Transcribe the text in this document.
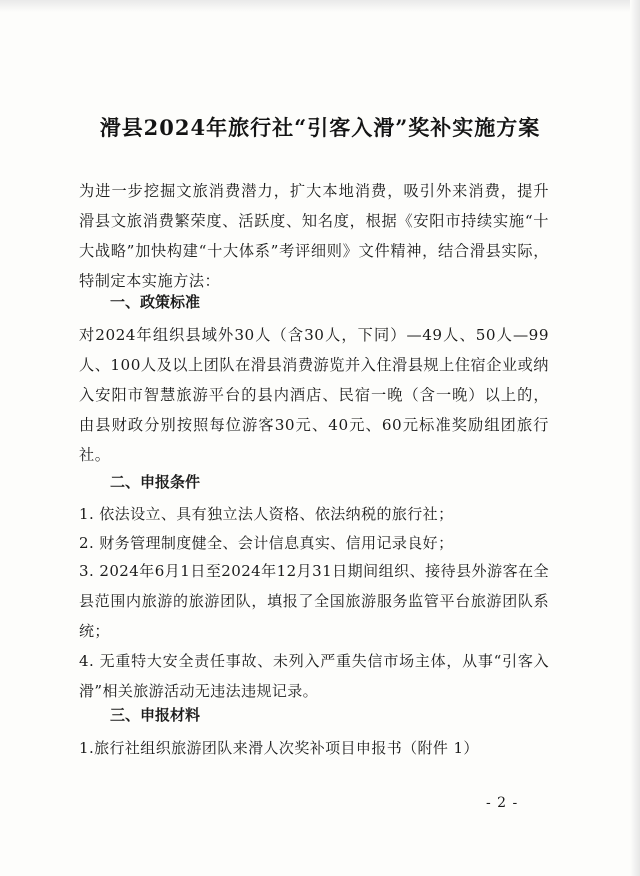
滑县2024年旅行社“引客入滑”奖补实施方案
为进一步挖掘文旅消费潜力，扩大本地消费，吸引外来消费，提升滑县文旅消费繁荣度、活跃度、知名度，根据《安阳市持续实施“十大战略”加快构建“十大体系”考评细则》文件精神，结合滑县实际，特制定本实施方法：
一、政策标准
对2024年组织县域外30人（含30人，下同）—49人、50人—99人、100人及以上团队在滑县消费游览并入住滑县规上住宿企业或纳入安阳市智慧旅游平台的县内酒店、民宿一晚（含一晚）以上的，由县财政分别按照每位游客30元、40元、60元标准奖励组团旅行社。
二、申报条件
1. 依法设立、具有独立法人资格、依法纳税的旅行社；
2. 财务管理制度健全、会计信息真实、信用记录良好；
3. 2024年6月1日至2024年12月31日期间组织、接待县外游客在全县范围内旅游的旅游团队，填报了全国旅游服务监管平台旅游团队系统；
4. 无重特大安全责任事故、未列入严重失信市场主体，从事“引客入滑”相关旅游活动无违法违规记录。
三、申报材料
1.旅行社组织旅游团队来滑人次奖补项目申报书（附件 1）
- 2 -
